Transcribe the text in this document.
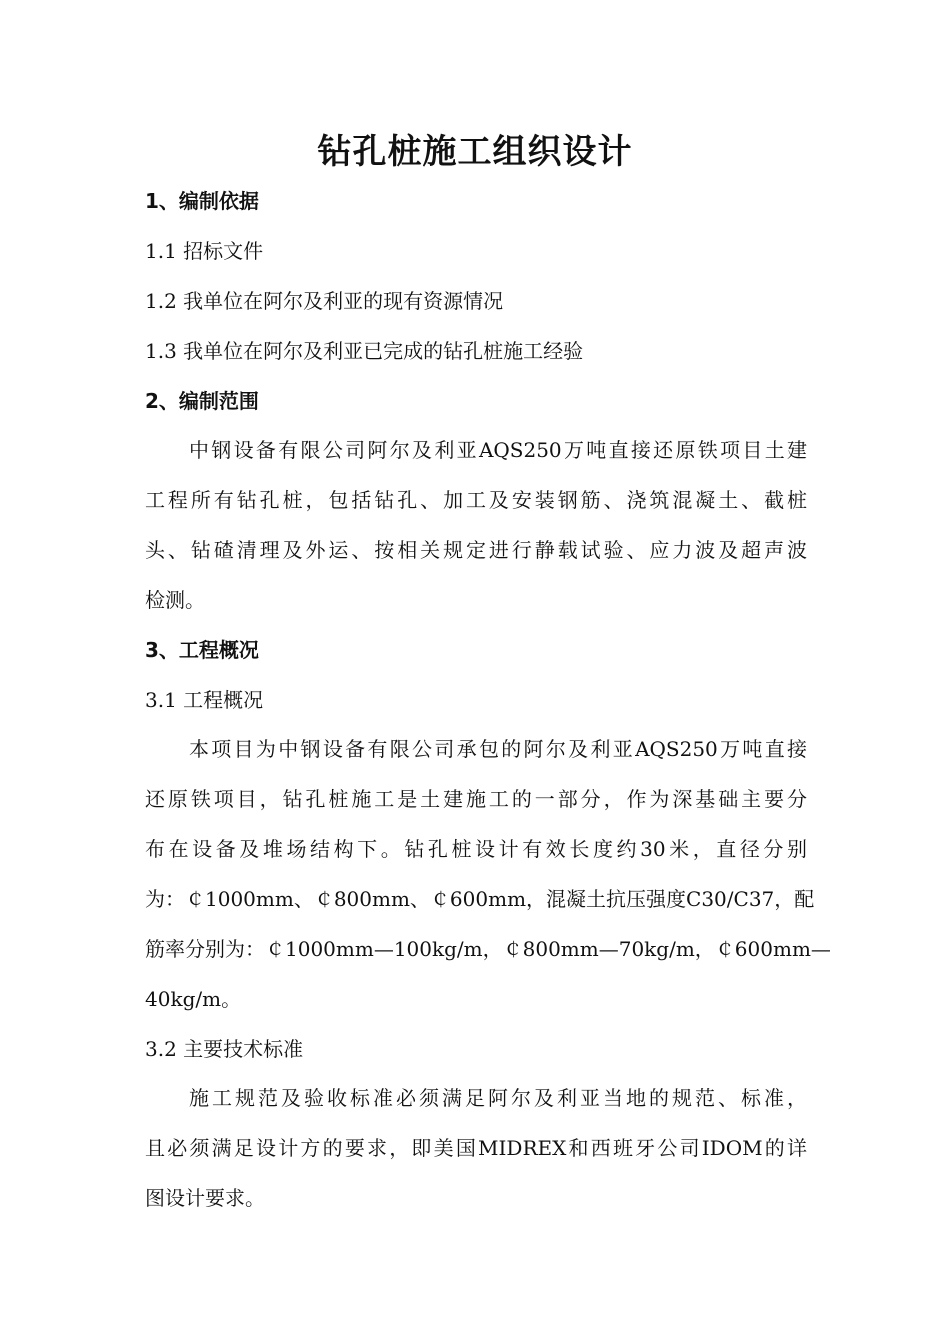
钻孔桩施工组织设计
1、编制依据
1.1 招标文件
1.2 我单位在阿尔及利亚的现有资源情况
1.3 我单位在阿尔及利亚已完成的钻孔桩施工经验
2、编制范围
中钢设备有限公司阿尔及利亚AQS250万吨直接还原铁项目土建
工程所有钻孔桩，包括钻孔、加工及安装钢筋、浇筑混凝土、截桩
头、钻碴清理及外运、按相关规定进行静载试验、应力波及超声波
检测。
3、工程概况
3.1 工程概况
本项目为中钢设备有限公司承包的阿尔及利亚AQS250万吨直接
还原铁项目，钻孔桩施工是土建施工的一部分，作为深基础主要分
布在设备及堆场结构下。钻孔桩设计有效长度约30米，直径分别
为：￠1000mm、￠800mm、￠600mm，混凝土抗压强度C30/C37，配
筋率分别为：￠1000mm—100kg/m，￠800mm—70kg/m，￠600mm—
40kg/m。
3.2 主要技术标准
施工规范及验收标准必须满足阿尔及利亚当地的规范、标准，
且必须满足设计方的要求，即美国MIDREX和西班牙公司IDOM的详
图设计要求。
